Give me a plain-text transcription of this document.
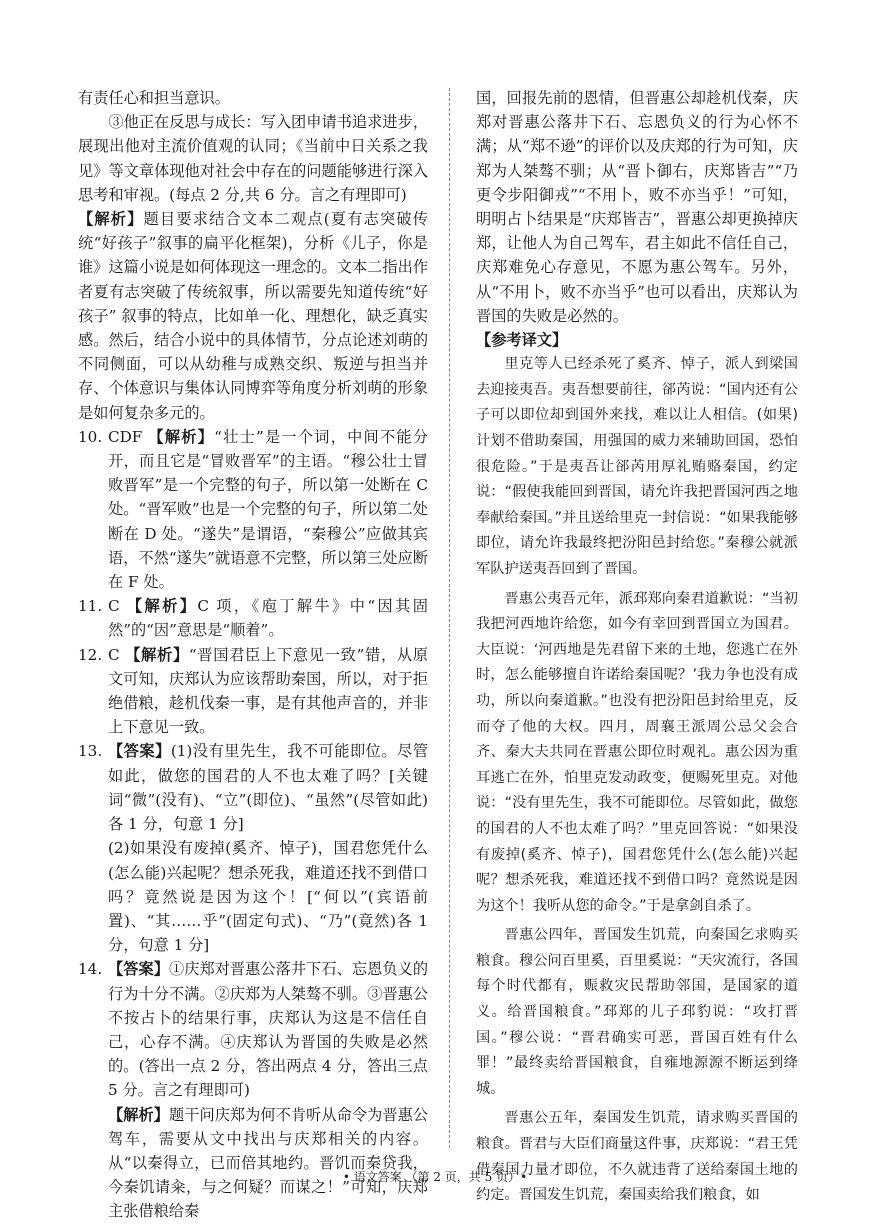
有责任心和担当意识。

③他正在反思与成长：写入团申请书追求进步，展现出他对主流价值观的认同；《当前中日关系之我见》等文章体现他对社会中存在的问题能够进行深入思考和审视。(每点 2 分,共 6 分。言之有理即可)

【解析】题目要求结合文本二观点(夏有志突破传统“好孩子”叙事的扁平化框架)，分析《儿子，你是谁》这篇小说是如何体现这一理念的。文本二指出作者夏有志突破了传统叙事，所以需要先知道传统“好孩子” 叙事的特点，比如单一化、理想化，缺乏真实感。然后，结合小说中的具体情节，分点论述刘萌的不同侧面，可以从幼稚与成熟交织、叛逆与担当并存、个体意识与集体认同博弈等角度分析刘萌的形象是如何复杂多元的。

10. CDF 【解析】“壮士”是一个词，中间不能分开，而且它是“冒败晋军”的主语。“穆公壮士冒败晋军”是一个完整的句子，所以第一处断在 C 处。“晋军败”也是一个完整的句子，所以第二处断在 D 处。“遂失”是谓语，“秦穆公”应做其宾语，不然“遂失”就语意不完整，所以第三处应断在 F 处。

11. C 【解析】C 项，《庖丁解牛》中“因其固然”的“因”意思是“顺着”。

12. C 【解析】“晋国君臣上下意见一致”错，从原文可知，庆郑认为应该帮助秦国，所以，对于拒绝借粮，趁机伐秦一事，是有其他声音的，并非上下意见一致。

13. 【答案】(1)没有里先生，我不可能即位。尽管如此，做您的国君的人不也太难了吗？[关键词“微”(没有)、“立”(即位)、“虽然”(尽管如此)各 1 分，句意 1 分]

(2)如果没有废掉(奚齐、悼子)，国君您凭什么(怎么能)兴起呢？想杀死我，难道还找不到借口吗？竟然说是因为这个！[“何以”(宾语前置)、“其……乎”(固定句式)、“乃”(竟然)各 1 分，句意 1 分]

14. 【答案】①庆郑对晋惠公落井下石、忘恩负义的行为十分不满。②庆郑为人桀骜不驯。③晋惠公不按占卜的结果行事，庆郑认为这是不信任自己，心存不满。④庆郑认为晋国的失败是必然的。(答出一点 2 分，答出两点 4 分，答出三点 5 分。言之有理即可)

【解析】题干问庆郑为何不肯听从命令为晋惠公驾车，需要从文中找出与庆郑相关的内容。从“以秦得立，已而倍其地约。晋饥而秦贷我，今秦饥请籴，与之何疑？而谋之！”可知，庆郑主张借粮给秦

国，回报先前的恩情，但晋惠公却趁机伐秦，庆郑对晋惠公落井下石、忘恩负义的行为心怀不满；从“郑不逊”的评价以及庆郑的行为可知，庆郑为人桀骜不驯；从“晋卜御右，庆郑皆吉”“乃更令步阳御戎”“不用卜，败不亦当乎！”可知，明明占卜结果是“庆郑皆吉”，晋惠公却更换掉庆郑，让他人为自己驾车，君主如此不信任自己，庆郑难免心存意见，不愿为惠公驾车。另外，从“不用卜，败不亦当乎”也可以看出，庆郑认为晋国的失败是必然的。

【参考译文】

里克等人已经杀死了奚齐、悼子，派人到梁国去迎接夷吾。夷吾想要前往，郤芮说：“国内还有公子可以即位却到国外来找，难以让人相信。(如果)计划不借助秦国，用强国的威力来辅助回国，恐怕很危险。”于是夷吾让郤芮用厚礼贿赂秦国，约定说：“假使我能回到晋国，请允许我把晋国河西之地奉献给秦国。”并且送给里克一封信说：“如果我能够即位，请允许我最终把汾阳邑封给您。”秦穆公就派军队护送夷吾回到了晋国。

晋惠公夷吾元年，派邳郑向秦君道歉说：“当初我把河西地许给您，如今有幸回到晋国立为国君。大臣说：‘河西地是先君留下来的土地，您逃亡在外时，怎么能够擅自许诺给秦国呢？’我力争也没有成功，所以向秦道歉。”也没有把汾阳邑封给里克，反而夺了他的大权。四月，周襄王派周公忌父会合齐、秦大夫共同在晋惠公即位时观礼。惠公因为重耳逃亡在外，怕里克发动政变，便赐死里克。对他说：“没有里先生，我不可能即位。尽管如此，做您的国君的人不也太难了吗？”里克回答说：“如果没有废掉(奚齐、悼子)，国君您凭什么(怎么能)兴起呢？想杀死我，难道还找不到借口吗？竟然说是因为这个！我听从您的命令。”于是拿剑自杀了。

晋惠公四年，晋国发生饥荒，向秦国乞求购买粮食。穆公问百里奚，百里奚说：“天灾流行，各国每个时代都有，赈救灾民帮助邻国，是国家的道义。给晋国粮食。”邳郑的儿子邳豹说：“攻打晋国。”穆公说：“晋君确实可恶，晋国百姓有什么罪！”最终卖给晋国粮食，自雍地源源不断运到绛城。

晋惠公五年，秦国发生饥荒，请求购买晋国的粮食。晋君与大臣们商量这件事，庆郑说：“君王凭借秦国力量才即位，不久就违背了送给秦国土地的约定。晋国发生饥荒，秦国卖给我们粮食，如

• 语文答案 （第 2 页，共 5 页）•
